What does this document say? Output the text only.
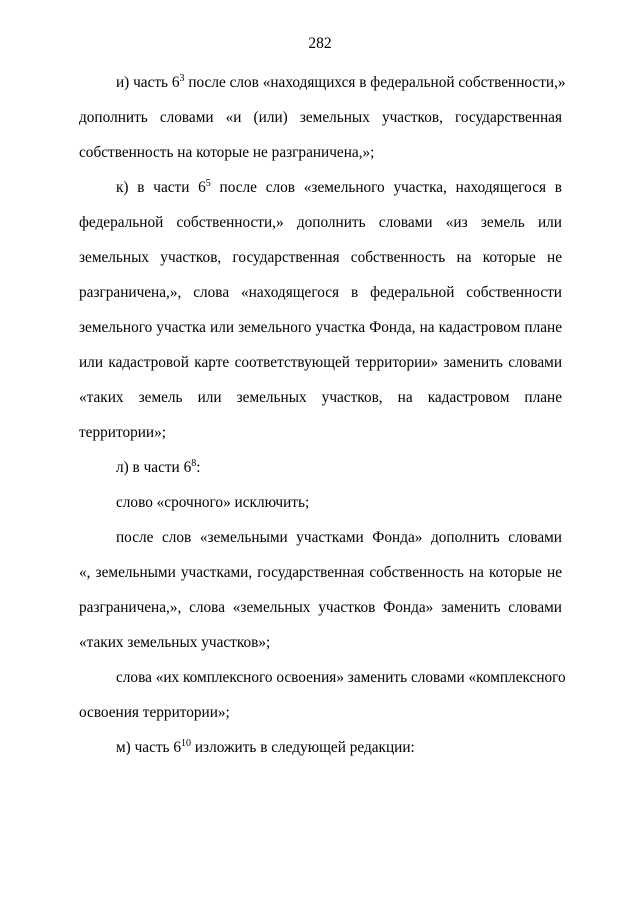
282
и) часть $6^3$ после слов «находящихся в федеральной собственности,»
дополнить словами «и (или) земельных участков, государственная
собственность на которые не разграничена,»;
к) в части $6^5$ после слов «земельного участка, находящегося в
федеральной собственности,» дополнить словами «из земель или
земельных участков, государственная собственность на которые не
разграничена,», слова «находящегося в федеральной собственности
земельного участка или земельного участка Фонда, на кадастровом плане
или кадастровой карте соответствующей территории» заменить словами
«таких земель или земельных участков, на кадастровом плане
территории»;
л) в части $6^8$:
слово «срочного» исключить;
после слов «земельными участками Фонда» дополнить словами
«, земельными участками, государственная собственность на которые не
разграничена,», слова «земельных участков Фонда» заменить словами
«таких земельных участков»;
слова «их комплексного освоения» заменить словами «комплексного
освоения территории»;
м) часть $6^{10}$ изложить в следующей редакции:
